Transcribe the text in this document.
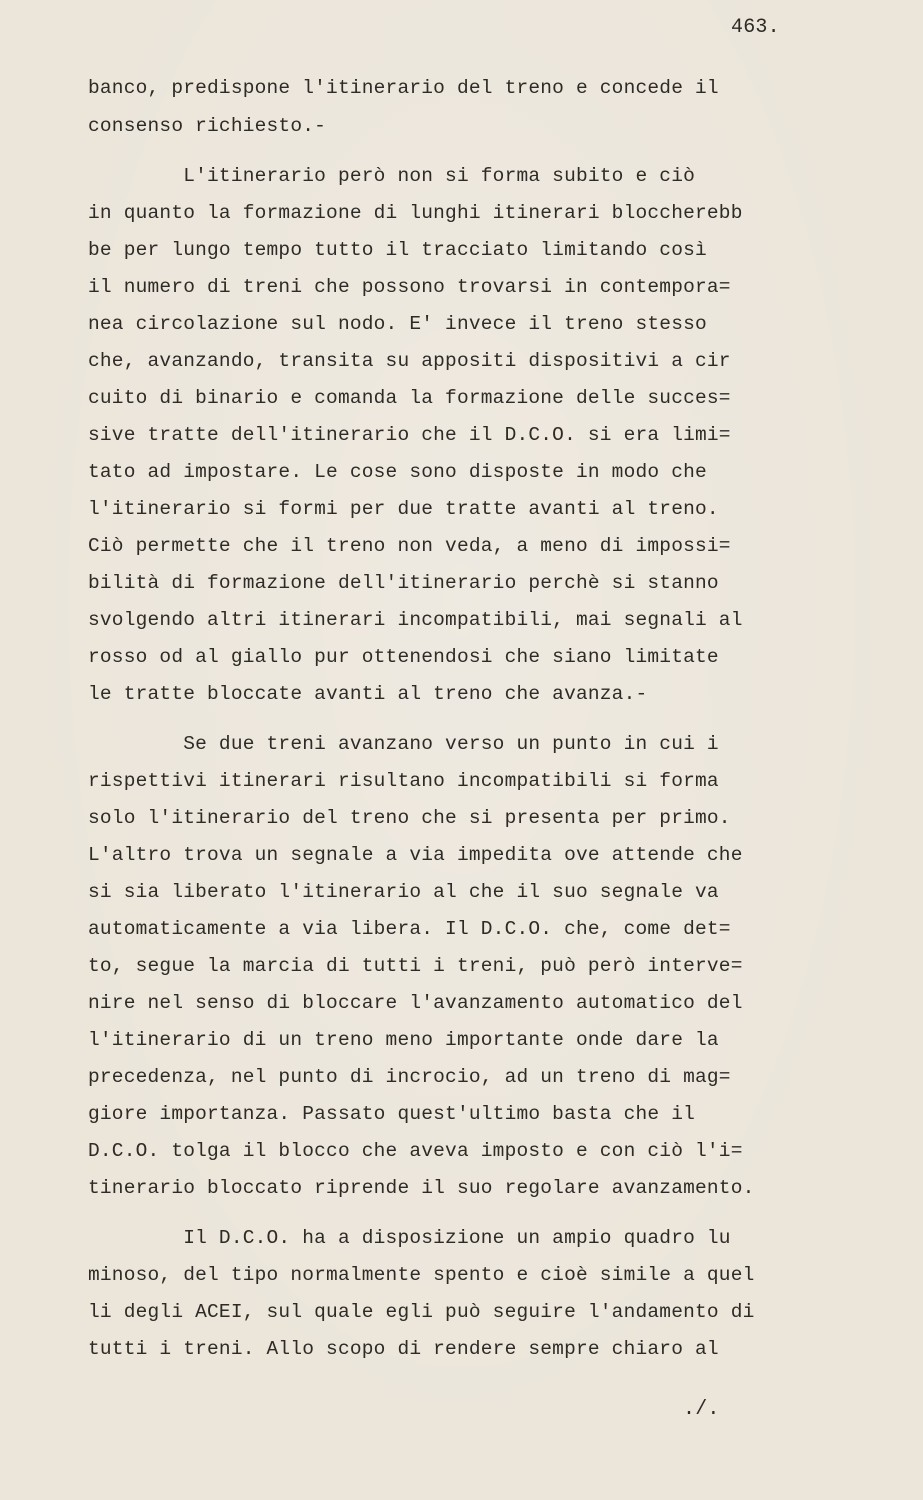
463.
banco, predispone l'itinerario del treno e concede il
consenso richiesto.-
L'itinerario però non si forma subito e ciò
in quanto la formazione di lunghi itinerari bloccherebb
be per lungo tempo tutto il tracciato limitando così
il numero di treni che possono trovarsi in contempora=
nea circolazione sul nodo. E' invece il treno stesso
che, avanzando, transita su appositi dispositivi a cir
cuito di binario e comanda la formazione delle succes=
sive tratte dell'itinerario che il D.C.O. si era limi=
tato ad impostare. Le cose sono disposte in modo che
l'itinerario si formi per due tratte avanti al treno.
Ciò permette che il treno non veda, a meno di impossi=
bilità di formazione dell'itinerario perchè si stanno
svolgendo altri itinerari incompatibili, mai segnali al
rosso od al giallo pur ottenendosi che siano limitate
le tratte bloccate avanti al treno che avanza.-
Se due treni avanzano verso un punto in cui i
rispettivi itinerari risultano incompatibili si forma
solo l'itinerario del treno che si presenta per primo.
L'altro trova un segnale a via impedita ove attende che
si sia liberato l'itinerario al che il suo segnale va
automaticamente a via libera. Il D.C.O. che, come det=
to, segue la marcia di tutti i treni, può però interve=
nire nel senso di bloccare l'avanzamento automatico del
l'itinerario di un treno meno importante onde dare la
precedenza, nel punto di incrocio, ad un treno di mag=
giore importanza. Passato quest'ultimo basta che il
D.C.O. tolga il blocco che aveva imposto e con ciò l'i=
tinerario bloccato riprende il suo regolare avanzamento.
Il D.C.O. ha a disposizione un ampio quadro lu
minoso, del tipo normalmente spento e cioè simile a quel
li degli ACEI, sul quale egli può seguire l'andamento di
tutti i treni. Allo scopo di rendere sempre chiaro al
./.
